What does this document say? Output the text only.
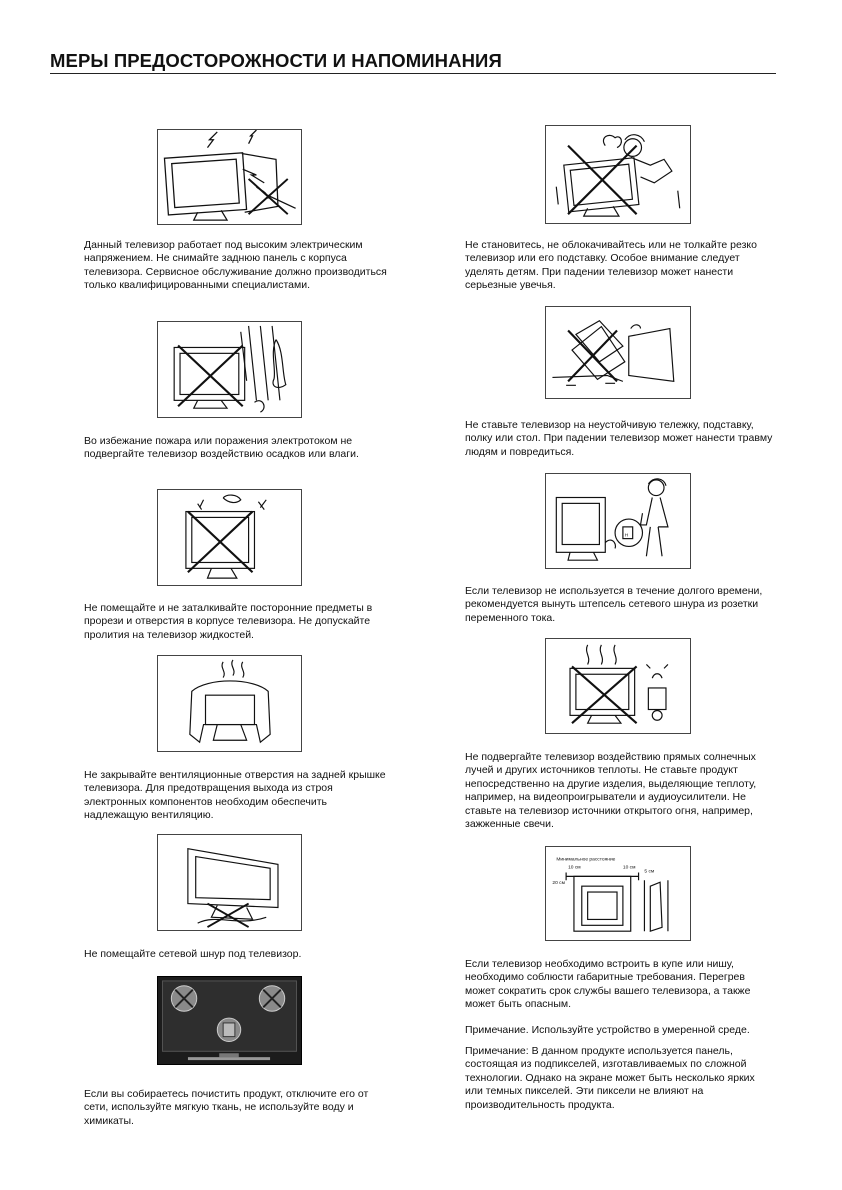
МЕРЫ ПРЕДОСТОРОЖНОСТИ И НАПОМИНАНИЯ

Данный телевизор работает под высоким электрическим напряжением. Не снимайте заднюю панель с корпуса телевизора. Сервисное обслуживание должно производиться только квалифицированными специалистами.

Во избежание пожара или поражения электротоком не подвергайте телевизор воздействию осадков или влаги.

Не помещайте и не заталкивайте посторонние предметы в прорези и отверстия в корпусе телевизора. Не допускайте пролития на телевизор жидкостей.

Не закрывайте вентиляционные отверстия на задней крышке телевизора. Для предотвращения выхода из строя электронных компонентов необходим обеспечить надлежащую вентиляцию.

Не помещайте сетевой шнур под телевизор.

Если вы собираетесь почистить продукт, отключите его от сети, используйте мягкую ткань, не используйте воду и химикаты.

Не становитесь, не облокачивайтесь или не толкайте резко телевизор или его подставку. Особое внимание следует уделять детям. При падении телевизор может нанести серьезные увечья.

Не ставьте телевизор на неустойчивую тележку, подставку, полку или стол. При падении телевизор может нанести травму людям и повредиться.

H

Если телевизор не используется в течение долгого времени, рекомендуется вынуть штепсель сетевого шнура из розетки переменного тока.

Не подвергайте телевизор воздействию прямых солнечных лучей и других источников теплоты. Не ставьте продукт непосредственно на другие изделия, выделяющие теплоту, например, на видеопроигрыватели и аудиоусилители. Не ставьте на телевизор источники открытого огня, например, зажженные свечи.

Минимальное расстояние
10 см	10 см
5 см
20 см

Если телевизор необходимо встроить в купе или нишу, необходимо соблюсти габаритные требования. Перегрев может сократить срок службы вашего телевизора, а также может быть опасным.

Примечание. Используйте устройство в умеренной среде.

Примечание: В данном продукте используется панель, состоящая из подпикселей, изготавливаемых по сложной технологии. Однако на экране может быть несколько ярких или темных пикселей. Эти пиксели не влияют на производительность продукта.
